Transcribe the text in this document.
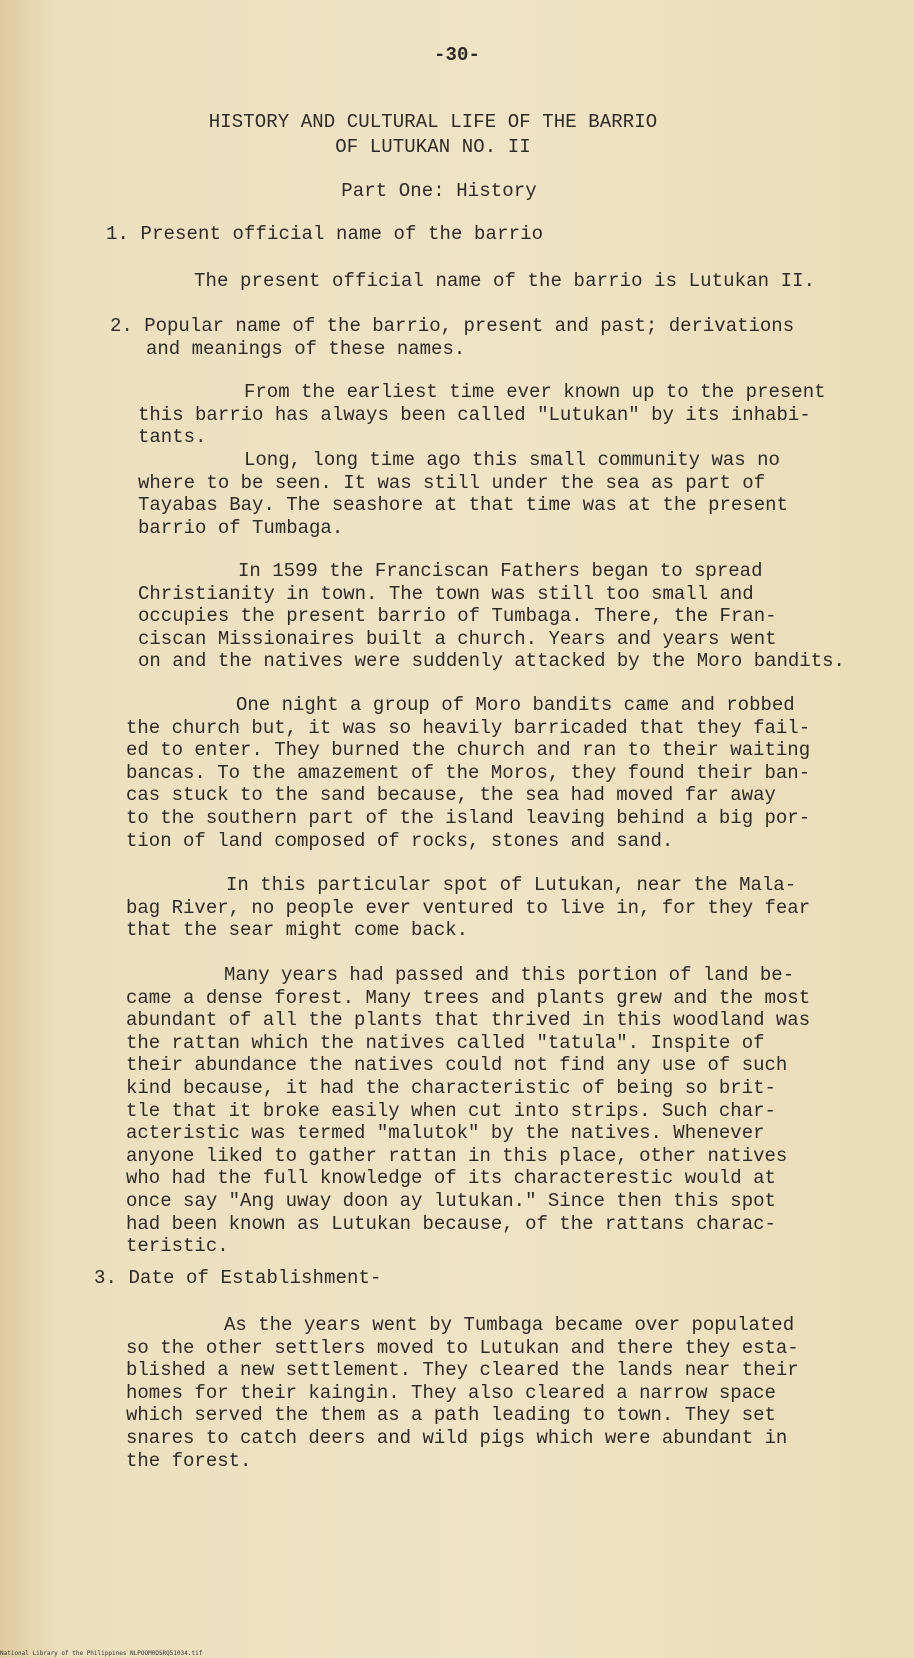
-30-
HISTORY AND CULTURAL LIFE OF THE BARRIO
OF LUTUKAN NO. II
Part One: History
1. Present official name of the barrio
The present official name of the barrio is Lutukan II.
2. Popular name of the barrio, present and past; derivations
and meanings of these names.
From the earliest time ever known up to the present
this barrio has always been called "Lutukan" by its inhabi-
tants.
Long, long time ago this small community was no
where to be seen. It was still under the sea as part of
Tayabas Bay. The seashore at that time was at the present
barrio of Tumbaga.
In 1599 the Franciscan Fathers began to spread
Christianity in town. The town was still too small and
occupies the present barrio of Tumbaga. There, the Fran-
ciscan Missionaires built a church. Years and years went
on and the natives were suddenly attacked by the Moro bandits.
One night a group of Moro bandits came and robbed
the church but, it was so heavily barricaded that they fail-
ed to enter. They burned the church and ran to their waiting
bancas. To the amazement of the Moros, they found their ban-
cas stuck to the sand because, the sea had moved far away
to the southern part of the island leaving behind a big por-
tion of land composed of rocks, stones and sand.
In this particular spot of Lutukan, near the Mala-
bag River, no people ever ventured to live in, for they fear
that the sear might come back.
Many years had passed and this portion of land be-
came a dense forest. Many trees and plants grew and the most
abundant of all the plants that thrived in this woodland was
the rattan which the natives called "tatula". Inspite of
their abundance the natives could not find any use of such
kind because, it had the characteristic of being so brit-
tle that it broke easily when cut into strips. Such char-
acteristic was termed "malutok" by the natives. Whenever
anyone liked to gather rattan in this place, other natives
who had the full knowledge of its characterestic would at
once say "Ang uway doon ay lutukan." Since then this spot
had been known as Lutukan because, of the rattans charac-
teristic.
3. Date of Establishment-
As the years went by Tumbaga became over populated
so the other settlers moved to Lutukan and there they esta-
blished a new settlement. They cleared the lands near their
homes for their kaingin. They also cleared a narrow space
which served the them as a path leading to town. They set
snares to catch deers and wild pigs which were abundant in
the forest.
National Library of the Philippines NLPOOM0DSRQ51034.tif
